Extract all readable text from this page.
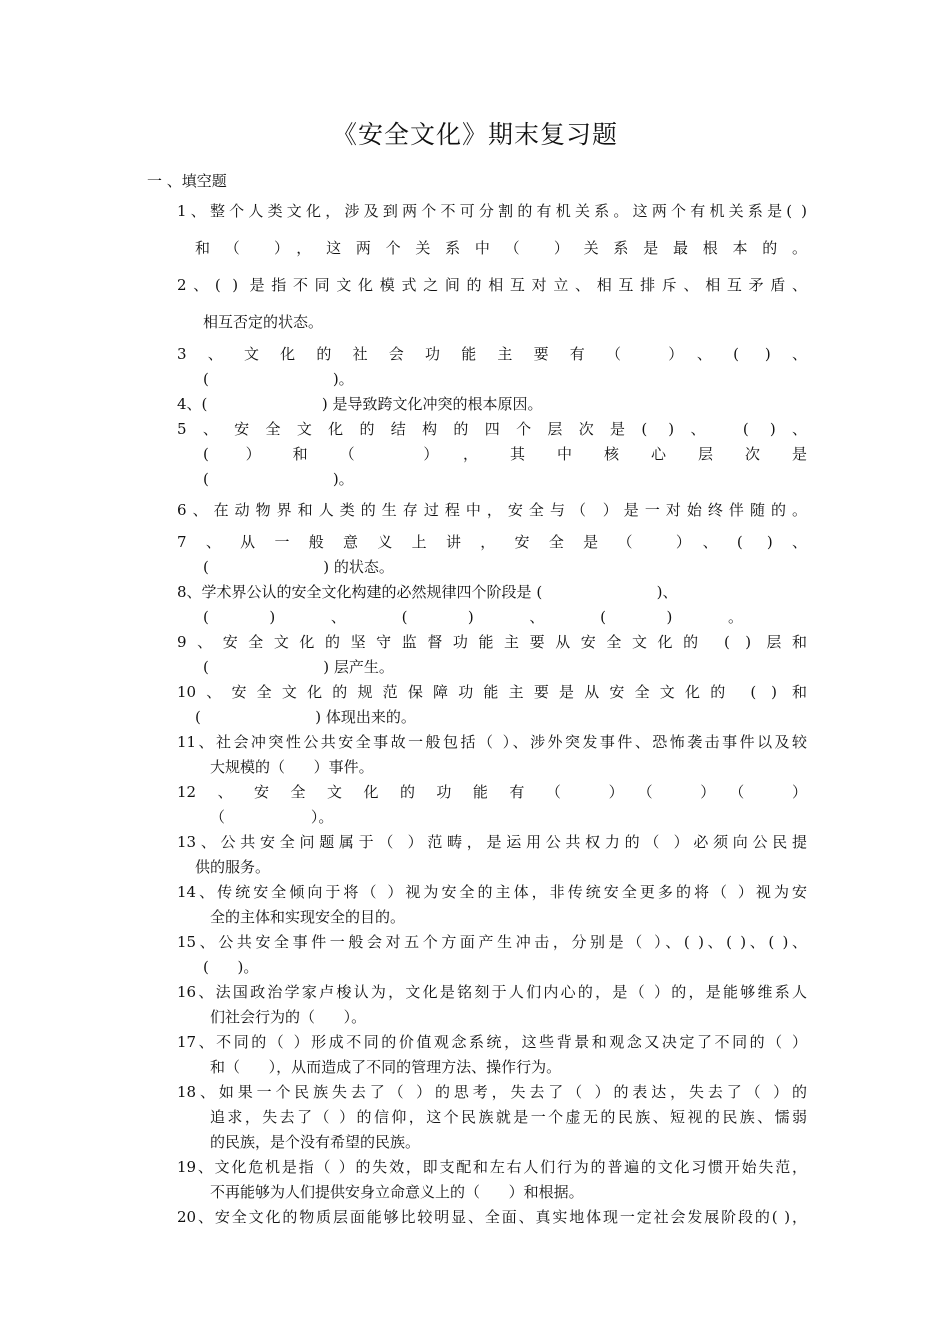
《安全文化》期末复习题
一 、填空题
1、整个人类文化，涉及到两个不可分割的有机关系。这两个有机关系是( )
和（ ），这两个关系中（ ）关系是最根本的。
2、( ) 是指不同文化模式之间的相互对立、相互排斥、相互矛盾、
相互否定的状态。
3、文化的社会功能主要有（ ）、( )、
(                          )。
4、(                        ) 是导致跨文化冲突的根本原因。
5、安全文化的结构的四个层次是( )、 ( )、
( ）和（ ），其中核心层次是
(                          )。
6、在动物界和人类的生存过程中，安全与（ ）是一对始终伴随的。
7、从一般意义上讲，安全是（ ）、( )、
(                        ) 的状态。
8、学术界公认的安全文化构建的必然规律四个阶段是 (                        )、
( )、( )、( )。
9、安全文化的坚守监督功能主要从安全文化的 ( ) 层和
(                        ) 层产生。
10、安全文化的规范保障功能主要是从安全文化的 ( ) 和
(                        ) 体现出来的。
11、社会冲突性公共安全事故一般包括（ ）、涉外突发事件、恐怖袭击事件以及较
大规模的（      ）事件。
12、安全文化的功能有（ ）（ ）（ ）
（                  ）。
13、公共安全问题属于（ ）范畴，是运用公共权力的（ ）必须向公民提
供的服务。
14、传统安全倾向于将（ ）视为安全的主体，非传统安全更多的将（ ）视为安
全的主体和实现安全的目的。
15、公共安全事件一般会对五个方面产生冲击，分别是（ ）、( )、( )、( )、
(      )。
16、法国政治学家卢梭认为，文化是铭刻于人们内心的，是（ ）的，是能够维系人
们社会行为的（      ）。
17、不同的（ ）形成不同的价值观念系统，这些背景和观念又决定了不同的（ ）
和（      ），从而造成了不同的管理方法、操作行为。
18、如果一个民族失去了（ ）的思考，失去了（ ）的表达，失去了（ ）的
追求，失去了（ ）的信仰，这个民族就是一个虚无的民族、短视的民族、懦弱
的民族，是个没有希望的民族。
19、文化危机是指（ ）的失效，即支配和左右人们行为的普遍的文化习惯开始失范，
不再能够为人们提供安身立命意义上的（      ）和根据。
20、安全文化的物质层面能够比较明显、全面、真实地体现一定社会发展阶段的( )，
